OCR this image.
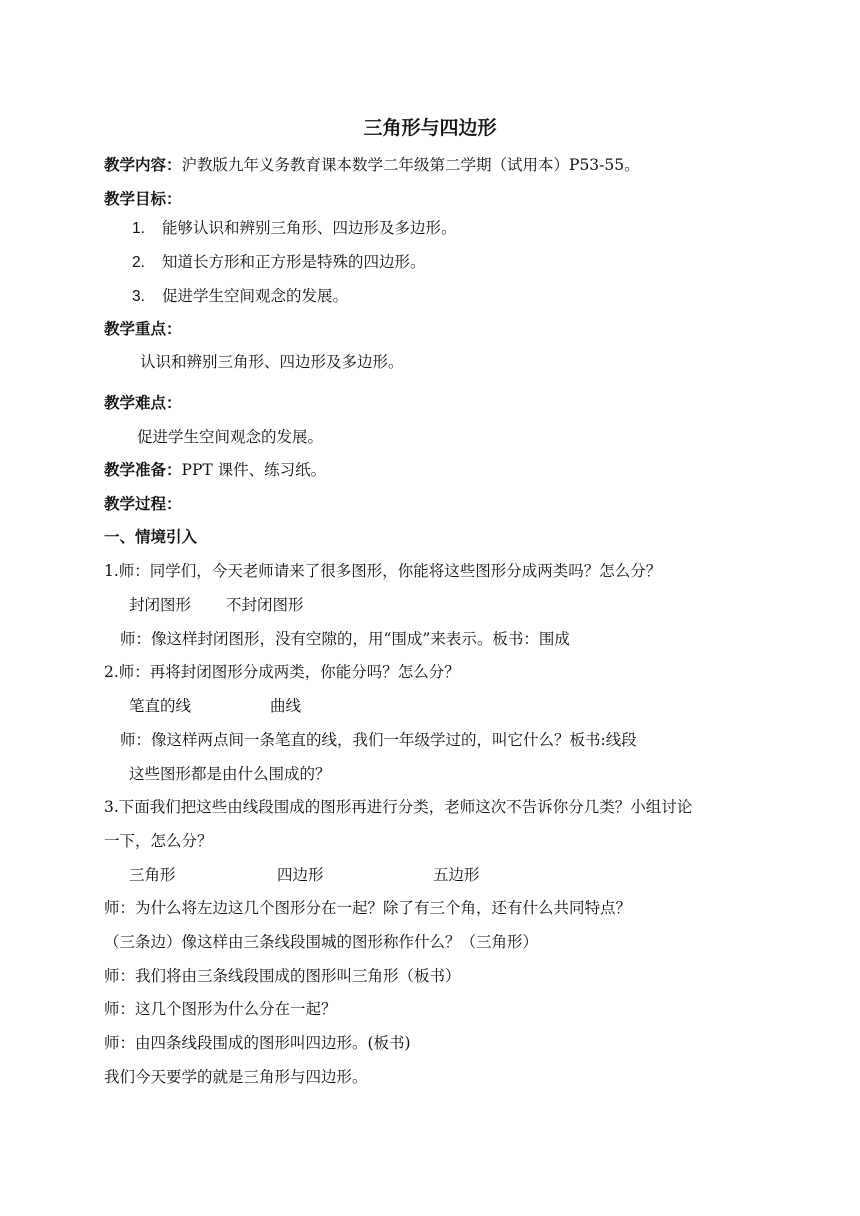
三角形与四边形
教学内容：沪教版九年义务教育课本数学二年级第二学期（试用本）P53-55。
教学目标：
1. 能够认识和辨别三角形、四边形及多边形。
2. 知道长方形和正方形是特殊的四边形。
3. 促进学生空间观念的发展。
教学重点：
认识和辨别三角形、四边形及多边形。
教学难点：
促进学生空间观念的发展。
教学准备：PPT 课件、练习纸。
教学过程：
一、情境引入
1.师：同学们，今天老师请来了很多图形，你能将这些图形分成两类吗？怎么分？
封闭图形 不封闭图形
师：像这样封闭图形，没有空隙的，用“围成”来表示。板书：围成
2.师：再将封闭图形分成两类，你能分吗？怎么分？
笔直的线	曲线
师：像这样两点间一条笔直的线，我们一年级学过的，叫它什么？板书:线段
这些图形都是由什么围成的？
3.下面我们把这些由线段围成的图形再进行分类，老师这次不告诉你分几类？小组讨论
一下，怎么分？
三角形	四边形	五边形
师：为什么将左边这几个图形分在一起？除了有三个角，还有什么共同特点？
（三条边）像这样由三条线段围城的图形称作什么？（三角形）
师：我们将由三条线段围成的图形叫三角形（板书）
师：这几个图形为什么分在一起？
师：由四条线段围成的图形叫四边形。(板书)
我们今天要学的就是三角形与四边形。
